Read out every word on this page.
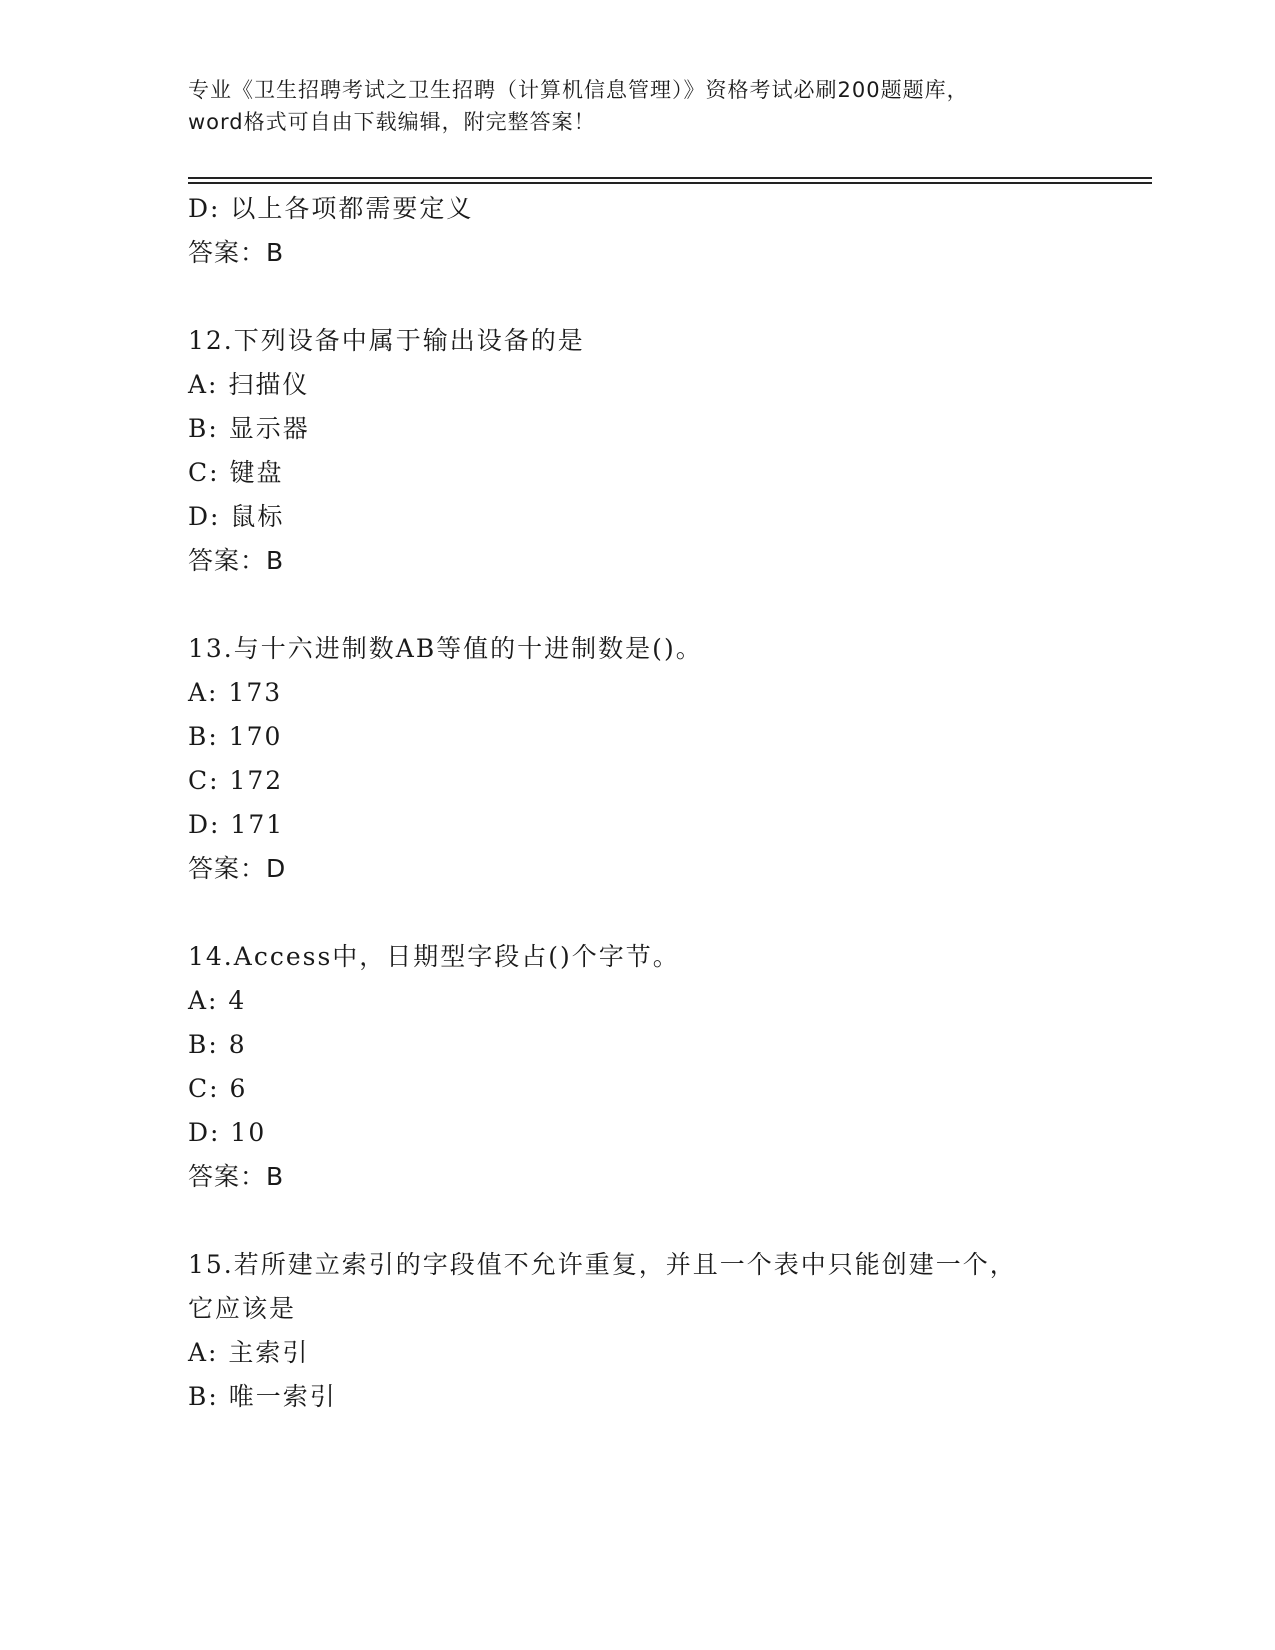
专业《卫生招聘考试之卫生招聘（计算机信息管理）》资格考试必刷200题题库，
word格式可自由下载编辑，附完整答案！
D: 以上各项都需要定义
答案：B
12.下列设备中属于输出设备的是
A: 扫描仪
B: 显示器
C: 键盘
D: 鼠标
答案：B
13.与十六进制数AB等值的十进制数是()。
A: 173
B: 170
C: 172
D: 171
答案：D
14.Access中，日期型字段占()个字节。
A: 4
B: 8
C: 6
D: 10
答案：B
15.若所建立索引的字段值不允许重复，并且一个表中只能创建一个，
它应该是
A: 主索引
B: 唯一索引
